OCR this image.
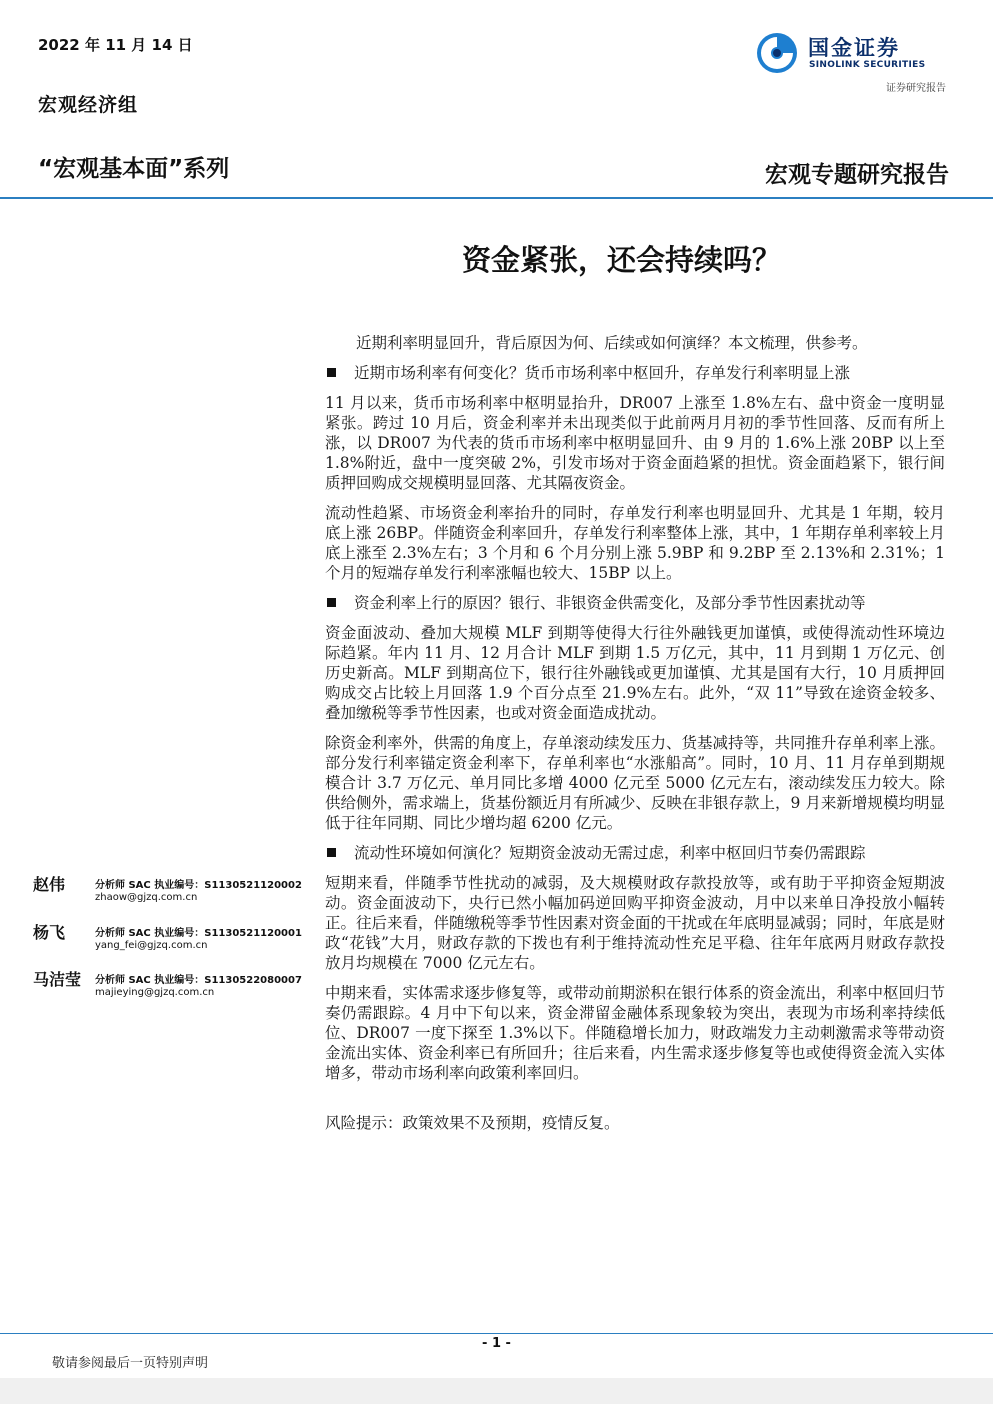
2022 年 11 月 14 日
宏观经济组
“宏观基本面”系列
国金证券
SINOLINK SECURITIES
证券研究报告
宏观专题研究报告
资金紧张，还会持续吗？

近期利率明显回升，背后原因为何、后续或如何演绎？本文梳理，供参考。

近期市场利率有何变化？货币市场利率中枢回升，存单发行利率明显上涨

11 月以来，货币市场利率中枢明显抬升，DR007 上涨至 1.8%左右、盘中资金一度明显紧张。跨过 10 月后，资金利率并未出现类似于此前两月月初的季节性回落、反而有所上涨，以 DR007 为代表的货币市场利率中枢明显回升、由 9 月的 1.6%上涨 20BP 以上至 1.8%附近，盘中一度突破 2%，引发市场对于资金面趋紧的担忧。资金面趋紧下，银行间质押回购成交规模明显回落、尤其隔夜资金。

流动性趋紧、市场资金利率抬升的同时，存单发行利率也明显回升、尤其是 1 年期，较月底上涨 26BP。伴随资金利率回升，存单发行利率整体上涨，其中，1 年期存单利率较上月底上涨至 2.3%左右；3 个月和 6 个月分别上涨 5.9BP 和 9.2BP 至 2.13%和 2.31%；1 个月的短端存单发行利率涨幅也较大、15BP 以上。

资金利率上行的原因？银行、非银资金供需变化，及部分季节性因素扰动等

资金面波动、叠加大规模 MLF 到期等使得大行往外融钱更加谨慎，或使得流动性环境边际趋紧。年内 11 月、12 月合计 MLF 到期 1.5 万亿元，其中，11 月到期 1 万亿元、创历史新高。MLF 到期高位下，银行往外融钱或更加谨慎、尤其是国有大行，10 月质押回购成交占比较上月回落 1.9 个百分点至 21.9%左右。此外，“双 11”导致在途资金较多、叠加缴税等季节性因素，也或对资金面造成扰动。

除资金利率外，供需的角度上，存单滚动续发压力、货基减持等，共同推升存单利率上涨。部分发行利率锚定资金利率下，存单利率也“水涨船高”。同时，10 月、11 月存单到期规模合计 3.7 万亿元、单月同比多增 4000 亿元至 5000 亿元左右，滚动续发压力较大。除供给侧外，需求端上，货基份额近月有所减少、反映在非银存款上，9 月来新增规模均明显低于往年同期、同比少增均超 6200 亿元。

流动性环境如何演化？短期资金波动无需过虑，利率中枢回归节奏仍需跟踪

短期来看，伴随季节性扰动的减弱，及大规模财政存款投放等，或有助于平抑资金短期波动。资金面波动下，央行已然小幅加码逆回购平抑资金波动，月中以来单日净投放小幅转正。往后来看，伴随缴税等季节性因素对资金面的干扰或在年底明显减弱；同时，年底是财政“花钱”大月，财政存款的下拨也有利于维持流动性充足平稳、往年年底两月财政存款投放月均规模在 7000 亿元左右。

中期来看，实体需求逐步修复等，或带动前期淤积在银行体系的资金流出，利率中枢回归节奏仍需跟踪。4 月中下旬以来，资金滞留金融体系现象较为突出，表现为市场利率持续低位、DR007 一度下探至 1.3%以下。伴随稳增长加力，财政端发力主动刺激需求等带动资金流出实体、资金利率已有所回升；往后来看，内生需求逐步修复等也或使得资金流入实体增多，带动市场利率向政策利率回归。

风险提示：政策效果不及预期，疫情反复。

赵伟	分析师 SAC 执业编号：S1130521120002
zhaow@gjzq.com.cn
杨飞	分析师 SAC 执业编号：S1130521120001
yang_fei@gjzq.com.cn
马洁莹 分析师 SAC 执业编号：S1130522080007
majieying@gjzq.com.cn
- 1 -
敬请参阅最后一页特别声明
